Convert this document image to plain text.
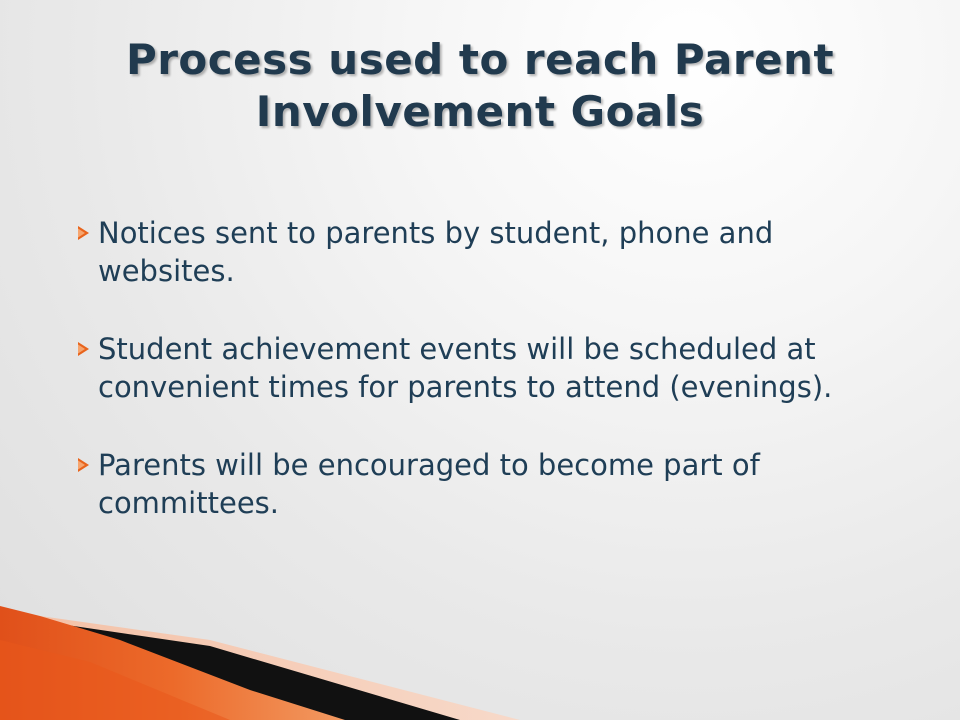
Process used to reach Parent Involvement Goals
Notices sent to parents by student, phone and websites.
Student achievement events will be scheduled at convenient times for parents to attend (evenings).
Parents will be encouraged to become part of committees.
